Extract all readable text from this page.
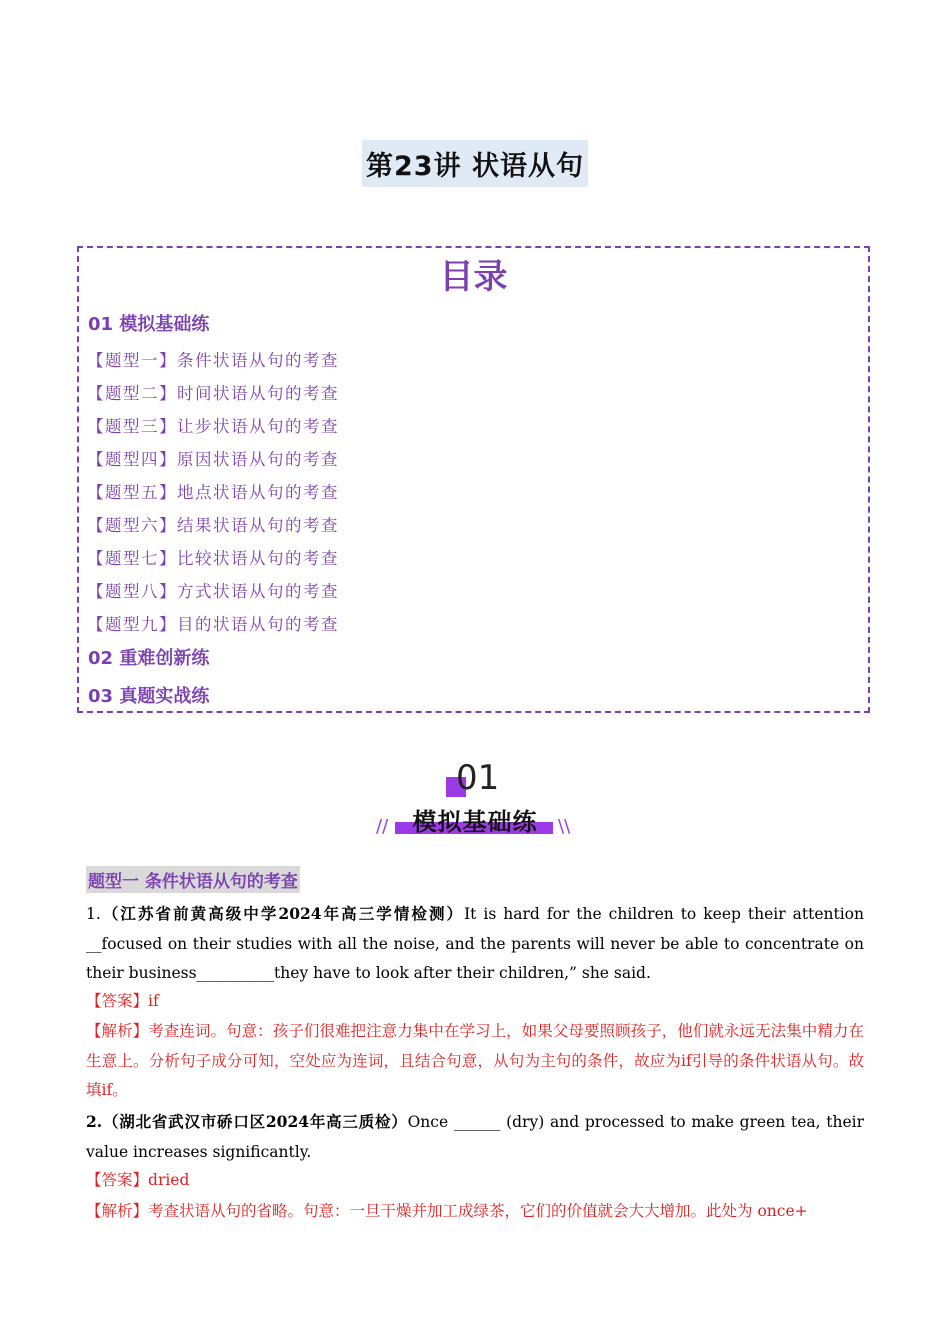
第23讲 状语从句
目录
01 模拟基础练
【题型一】条件状语从句的考查
【题型二】时间状语从句的考查
【题型三】让步状语从句的考查
【题型四】原因状语从句的考查
【题型五】地点状语从句的考查
【题型六】结果状语从句的考查
【题型七】比较状语从句的考查
【题型八】方式状语从句的考查
【题型九】目的状语从句的考查
02 重难创新练
03 真题实战练
01
//	\\
模拟基础练
题型一 条件状语从句的考查
1.（江苏省前黄高级中学2024年高三学情检测）It is hard for the children to keep their attention __focused on their studies with all the noise, and the parents will never be able to concentrate on their business__________they have to look after their children,” she said.
【答案】if
【解析】考查连词。句意：孩子们很难把注意力集中在学习上，如果父母要照顾孩子，他们就永远无法集中精力在生意上。分析句子成分可知，空处应为连词，且结合句意，从句为主句的条件，故应为if引导的条件状语从句。故填if。
2.（湖北省武汉市硚口区2024年高三质检）Once ______ (dry) and processed to make green tea, their value increases significantly.
【答案】dried
【解析】考查状语从句的省略。句意：一旦干燥并加工成绿茶，它们的价值就会大大增加。此处为 once+
